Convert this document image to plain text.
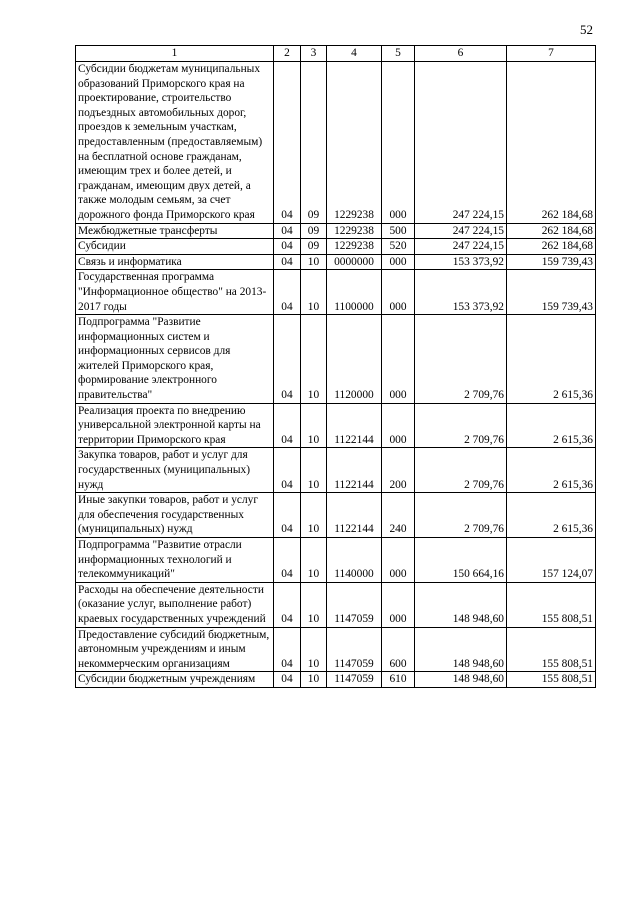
52
1	2	3	4	5	6	7
Субсидии бюджетам муниципальных образований Приморского края на проектирование, строительство подъездных автомобильных дорог, проездов к земельным участкам, предоставленным (предоставляемым) на бесплатной основе гражданам, имеющим трех и более детей, и гражданам, имеющим двух детей, а также молодым семьям, за счет дорожного фонда Приморского края	04	09	1229238	000	247 224,15	262 184,68
Межбюджетные трансферты	04	09	1229238	500	247 224,15	262 184,68
Субсидии	04	09	1229238	520	247 224,15	262 184,68
Связь и информатика	04	10	0000000	000	153 373,92	159 739,43
Государственная программа "Информационное общество" на 2013-2017 годы	04	10	1100000	000	153 373,92	159 739,43
Подпрограмма "Развитие информационных систем и информационных сервисов для жителей Приморского края, формирование электронного правительства"	04	10	1120000	000	2 709,76	2 615,36
Реализация проекта по внедрению универсальной электронной карты на территории Приморского края	04	10	1122144	000	2 709,76	2 615,36
Закупка товаров, работ и услуг для государственных (муниципальных) нужд	04	10	1122144	200	2 709,76	2 615,36
Иные закупки товаров, работ и услуг для обеспечения государственных (муниципальных) нужд	04	10	1122144	240	2 709,76	2 615,36
Подпрограмма "Развитие отрасли информационных технологий и телекоммуникаций"	04	10	1140000	000	150 664,16	157 124,07
Расходы на обеспечение деятельности (оказание услуг, выполнение работ) краевых государственных учреждений	04	10	1147059	000	148 948,60	155 808,51
Предоставление субсидий бюджетным, автономным учреждениям и иным некоммерческим организациям	04	10	1147059	600	148 948,60	155 808,51
Субсидии бюджетным учреждениям	04	10	1147059	610	148 948,60	155 808,51
